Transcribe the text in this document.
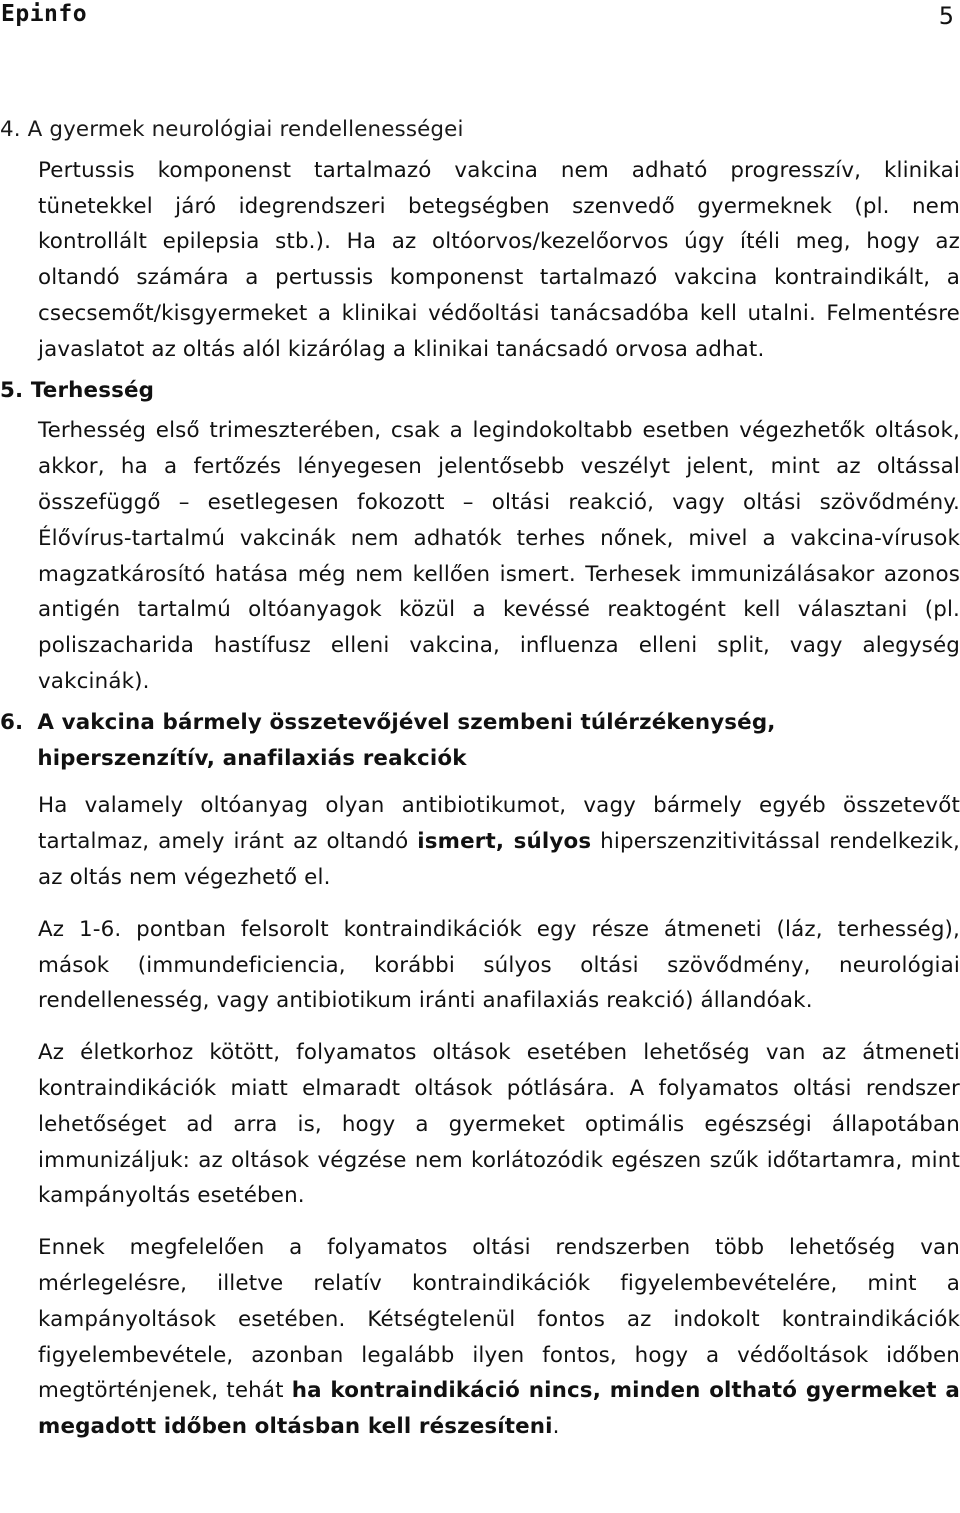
Epinfo	5
4. A gyermek neurológiai rendellenességei

Pertussis komponenst tartalmazó vakcina nem adható progresszív, klinikai tünetekkel járó idegrendszeri betegségben szenvedő gyermeknek (pl. nem kontrollált epilepsia stb.). Ha az oltóorvos/kezelőorvos úgy ítéli meg, hogy az oltandó számára a pertussis komponenst tartalmazó vakcina kontraindikált, a csecsemőt/kisgyermeket a klinikai védőoltási tanácsadóba kell utalni. Felmentésre javaslatot az oltás alól kizárólag a klinikai tanácsadó orvosa adhat.

5. Terhesség

Terhesség első trimeszterében, csak a legindokoltabb esetben végezhetők oltások, akkor, ha a fertőzés lényegesen jelentősebb veszélyt jelent, mint az oltással összefüggő – esetlegesen fokozott – oltási reakció, vagy oltási szövődmény. Élővírus-tartalmú vakcinák nem adhatók terhes nőnek, mivel a vakcina-vírusok magzatkárosító hatása még nem kellően ismert. Terhesek immunizálásakor azonos antigén tartalmú oltóanyagok közül a kevéssé reaktogént kell választani (pl. poliszacharida hastífusz elleni vakcina, influenza elleni split, vagy alegység vakcinák).

6. A vakcina bármely összetevőjével szembeni túlérzékenység, hiperszenzítív, anafilaxiás reakciók

Ha valamely oltóanyag olyan antibiotikumot, vagy bármely egyéb összetevőt tartalmaz, amely iránt az oltandó ismert, súlyos hiperszenzitivitással rendelkezik, az oltás nem végezhető el.

Az 1-6. pontban felsorolt kontraindikációk egy része átmeneti (láz, terhesség), mások (immundeficiencia, korábbi súlyos oltási szövődmény, neurológiai rendellenesség, vagy antibiotikum iránti anafilaxiás reakció) állandóak.

Az életkorhoz kötött, folyamatos oltások esetében lehetőség van az átmeneti kontraindikációk miatt elmaradt oltások pótlására. A folyamatos oltási rendszer lehetőséget ad arra is, hogy a gyermeket optimális egészségi állapotában immunizáljuk: az oltások végzése nem korlátozódik egészen szűk időtartamra, mint kampányoltás esetében.

Ennek megfelelően a folyamatos oltási rendszerben több lehetőség van mérlegelésre, illetve relatív kontraindikációk figyelembevételére, mint a kampányoltások esetében. Kétségtelenül fontos az indokolt kontraindikációk figyelembevétele, azonban legalább ilyen fontos, hogy a védőoltások időben megtörténjenek, tehát ha kontraindikáció nincs, minden oltható gyermeket a megadott időben oltásban kell részesíteni.
